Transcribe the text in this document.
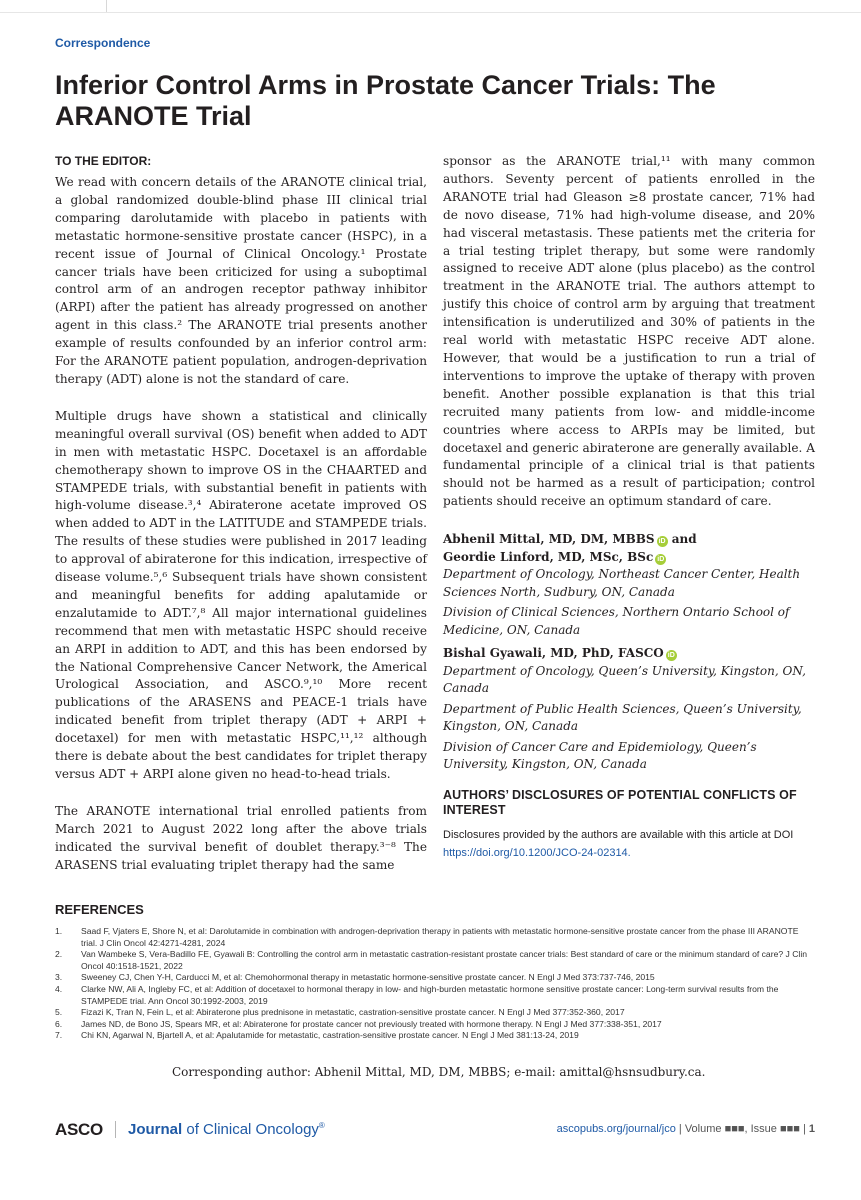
Correspondence
Inferior Control Arms in Prostate Cancer Trials: The ARANOTE Trial
TO THE EDITOR:

We read with concern details of the ARANOTE clinical trial, a global randomized double-blind phase III clinical trial comparing darolutamide with placebo in patients with metastatic hormone-sensitive prostate cancer (HSPC), in a recent issue of Journal of Clinical Oncology.¹ Prostate cancer trials have been criticized for using a suboptimal control arm of an androgen receptor pathway inhibitor (ARPI) after the patient has already progressed on another agent in this class.² The ARANOTE trial presents another example of results confounded by an inferior control arm: For the ARANOTE patient population, androgen-deprivation therapy (ADT) alone is not the standard of care.

Multiple drugs have shown a statistical and clinically meaningful overall survival (OS) benefit when added to ADT in men with metastatic HSPC. Docetaxel is an affordable chemotherapy shown to improve OS in the CHAARTED and STAMPEDE trials, with substantial benefit in patients with high-volume disease.³,⁴ Abiraterone acetate improved OS when added to ADT in the LATITUDE and STAMPEDE trials. The results of these studies were published in 2017 leading to approval of abiraterone for this indication, irrespective of disease volume.⁵,⁶ Subsequent trials have shown consistent and meaningful benefits for adding apalutamide or enzalutamide to ADT.⁷,⁸ All major international guidelines recommend that men with metastatic HSPC should receive an ARPI in addition to ADT, and this has been endorsed by the National Comprehensive Cancer Network, the Americal Urological Association, and ASCO.⁹,¹⁰ More recent publications of the ARASENS and PEACE-1 trials have indicated benefit from triplet therapy (ADT + ARPI + docetaxel) for men with metastatic HSPC,¹¹,¹² although there is debate about the best candidates for triplet therapy versus ADT + ARPI alone given no head-to-head trials.

The ARANOTE international trial enrolled patients from March 2021 to August 2022 long after the above trials indicated the survival benefit of doublet therapy.³⁻⁸ The ARASENS trial evaluating triplet therapy had the same

sponsor as the ARANOTE trial,¹¹ with many common authors. Seventy percent of patients enrolled in the ARANOTE trial had Gleason ≥8 prostate cancer, 71% had de novo disease, 71% had high-volume disease, and 20% had visceral metastasis. These patients met the criteria for a trial testing triplet therapy, but some were randomly assigned to receive ADT alone (plus placebo) as the control treatment in the ARANOTE trial. The authors attempt to justify this choice of control arm by arguing that treatment intensification is underutilized and 30% of patients in the real world with metastatic HSPC receive ADT alone. However, that would be a justification to run a trial of interventions to improve the uptake of therapy with proven benefit. Another possible explanation is that this trial recruited many patients from low- and middle-income countries where access to ARPIs may be limited, but docetaxel and generic abiraterone are generally available. A fundamental principle of a clinical trial is that patients should not be harmed as a result of participation; control patients should receive an optimum standard of care.

Abhenil Mittal, MD, DM, MBBS iD and
Geordie Linford, MD, MSc, BSc iD
Department of Oncology, Northeast Cancer Center, Health Sciences North, Sudbury, ON, Canada
Division of Clinical Sciences, Northern Ontario School of Medicine, ON, Canada
Bishal Gyawali, MD, PhD, FASCO iD
Department of Oncology, Queen’s University, Kingston, ON, Canada
Department of Public Health Sciences, Queen’s University, Kingston, ON, Canada
Division of Cancer Care and Epidemiology, Queen’s University, Kingston, ON, Canada
AUTHORS’ DISCLOSURES OF POTENTIAL CONFLICTS OF INTEREST
Disclosures provided by the authors are available with this article at DOI https://doi.org/10.1200/JCO-24-02314.
REFERENCES
1. Saad F, Vjaters E, Shore N, et al: Darolutamide in combination with androgen-deprivation therapy in patients with metastatic hormone-sensitive prostate cancer from the phase III ARANOTE trial. J Clin Oncol 42:4271-4281, 2024
2. Van Wambeke S, Vera-Badillo FE, Gyawali B: Controlling the control arm in metastatic castration-resistant prostate cancer trials: Best standard of care or the minimum standard of care? J Clin Oncol 40:1518-1521, 2022
3. Sweeney CJ, Chen Y-H, Carducci M, et al: Chemohormonal therapy in metastatic hormone-sensitive prostate cancer. N Engl J Med 373:737-746, 2015
4. Clarke NW, Ali A, Ingleby FC, et al: Addition of docetaxel to hormonal therapy in low- and high-burden metastatic hormone sensitive prostate cancer: Long-term survival results from the STAMPEDE trial. Ann Oncol 30:1992-2003, 2019
5. Fizazi K, Tran N, Fein L, et al: Abiraterone plus prednisone in metastatic, castration-sensitive prostate cancer. N Engl J Med 377:352-360, 2017
6. James ND, de Bono JS, Spears MR, et al: Abiraterone for prostate cancer not previously treated with hormone therapy. N Engl J Med 377:338-351, 2017
7. Chi KN, Agarwal N, Bjartell A, et al: Apalutamide for metastatic, castration-sensitive prostate cancer. N Engl J Med 381:13-24, 2019
Corresponding author: Abhenil Mittal, MD, DM, MBBS; e-mail: amittal@hsnsudbury.ca.
ASCO Journal of Clinical Oncology®	ascopubs.org/journal/jco | Volume ■■■, Issue ■■■ | 1
